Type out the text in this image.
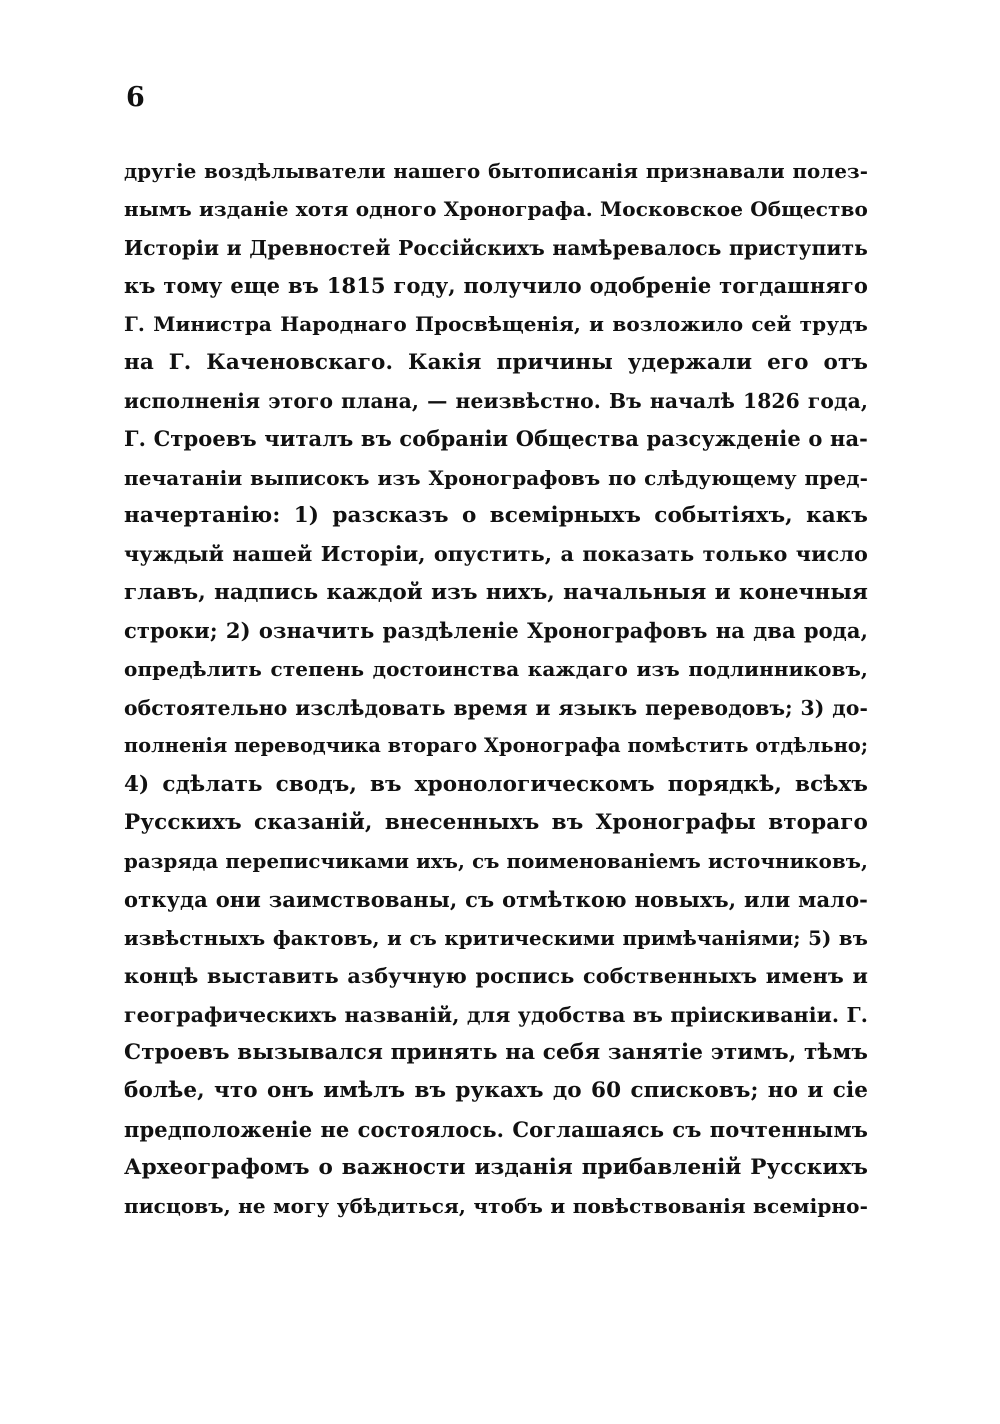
6
другіе воздѣлыватели нашего бытописанія признавали полез-
нымъ изданіе хотя одного Хронографа. Московское Общество
Исторіи и Древностей Россійскихъ намѣревалось приступить
къ тому еще въ 1815 году, получило одобреніе тогдашняго
Г. Министра Народнаго Просвѣщенія, и возложило сей трудъ
на Г. Каченовскаго. Какія причины удержали его отъ
исполненія этого плана, — неизвѣстно. Въ началѣ 1826 года,
Г. Строевъ читалъ въ собраніи Общества разсужденіе о на-
печатаніи выписокъ изъ Хронографовъ по слѣдующему пред-
начертанію: 1) разсказъ о всемірныхъ событіяхъ, какъ
чуждый нашей Исторіи, опустить, а показать только число
главъ, надпись каждой изъ нихъ, начальныя и конечныя
строки; 2) означить раздѣленіе Хронографовъ на два рода,
опредѣлить степень достоинства каждаго изъ подлинниковъ,
обстоятельно изслѣдовать время и языкъ переводовъ; 3) до-
полненія переводчика втораго Хронографа помѣстить отдѣльно;
4) сдѣлать сводъ, въ хронологическомъ порядкѣ, всѣхъ
Русскихъ сказаній, внесенныхъ въ Хронографы втораго
разряда переписчиками ихъ, съ поименованіемъ источниковъ,
откуда они заимствованы, съ отмѣткою новыхъ, или мало-
извѣстныхъ фактовъ, и съ критическими примѣчаніями; 5) въ
концѣ выставить азбучную роспись собственныхъ именъ и
географическихъ названій, для удобства въ пріискиваніи. Г.
Строевъ вызывался принять на себя занятіе этимъ, тѣмъ
болѣе, что онъ имѣлъ въ рукахъ до 60 списковъ; но и сіе
предположеніе не состоялось. Соглашаясь съ почтеннымъ
Археографомъ о важности изданія прибавленій Русскихъ
писцовъ, не могу убѣдиться, чтобъ и повѣствованія всемірно-
